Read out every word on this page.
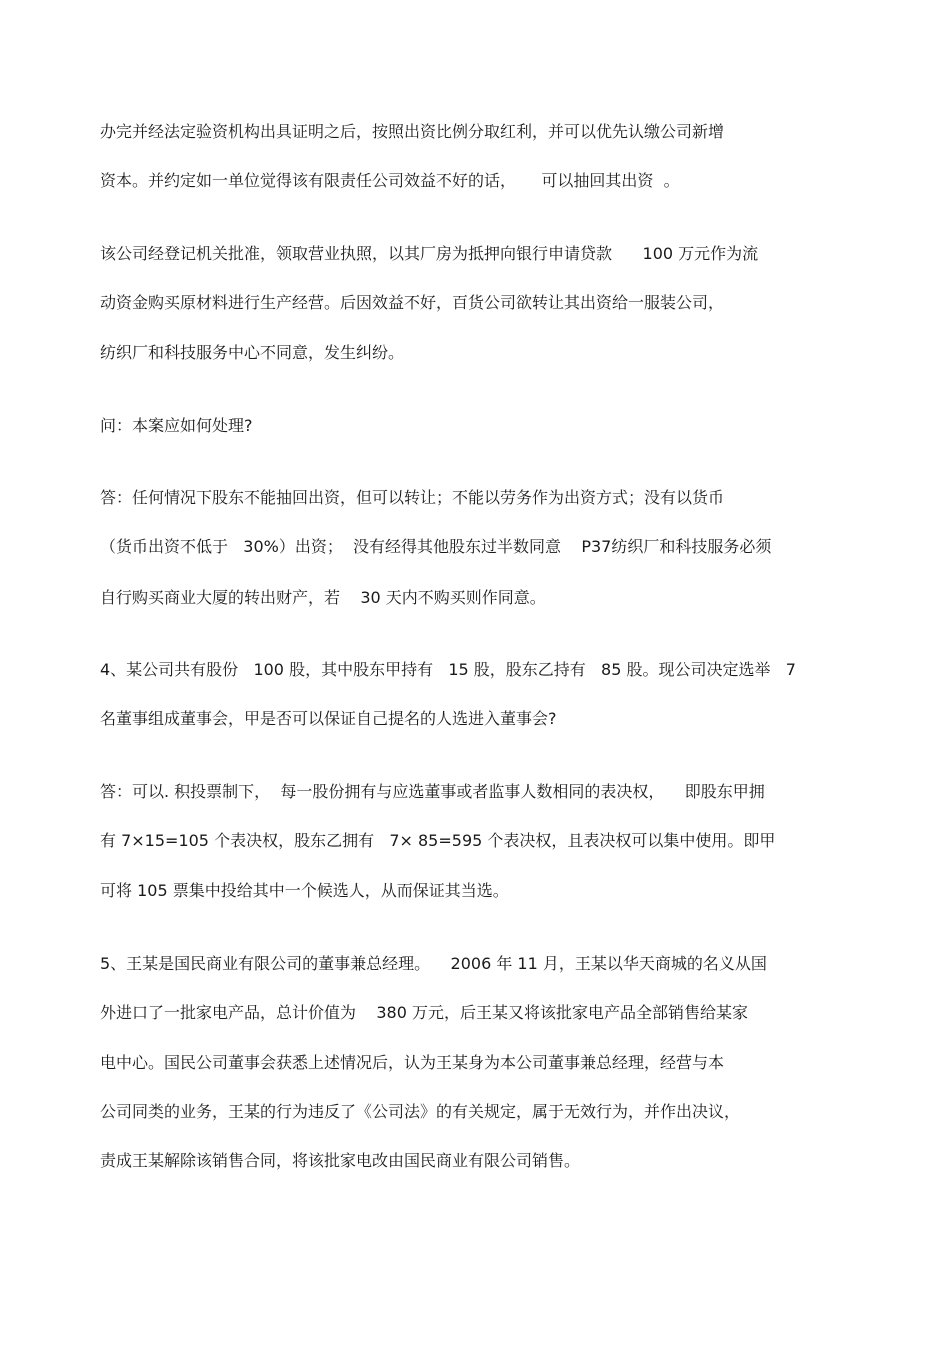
办完并经法定验资机构出具证明之后，按照出资比例分取红利，并可以优先认缴公司新增

资本。并约定如一单位觉得该有限责任公司效益不好的话，     可以抽回其出资  。

该公司经登记机关批准，领取营业执照，以其厂房为抵押向银行申请贷款      100 万元作为流

动资金购买原材料进行生产经营。后因效益不好，百货公司欲转让其出资给一服装公司，

纺织厂和科技服务中心不同意，发生纠纷。

问：本案应如何处理?

答：任何情况下股东不能抽回出资，但可以转让；不能以劳务作为出资方式；没有以货币

（货币出资不低于   30%）出资；  没有经得其他股东过半数同意    P37纺织厂和科技服务必须

自行购买商业大厦的转出财产，若    30 天内不购买则作同意。

4、某公司共有股份   100 股，其中股东甲持有   15 股，股东乙持有   85 股。现公司决定选举   7

名董事组成董事会，甲是否可以保证自己提名的人选进入董事会?

答：可以. 积投票制下，  每一股份拥有与应选董事或者监事人数相同的表决权，    即股东甲拥

有 7×15=105 个表决权，股东乙拥有   7× 85=595 个表决权，且表决权可以集中使用。即甲

可将 105 票集中投给其中一个候选人，从而保证其当选。

5、王某是国民商业有限公司的董事兼总经理。    2006 年 11 月，王某以华天商城的名义从国

外进口了一批家电产品，总计价值为    380 万元，后王某又将该批家电产品全部销售给某家

电中心。国民公司董事会获悉上述情况后，认为王某身为本公司董事兼总经理，经营与本

公司同类的业务，王某的行为违反了《公司法》的有关规定，属于无效行为，并作出决议，

责成王某解除该销售合同，将该批家电改由国民商业有限公司销售。
